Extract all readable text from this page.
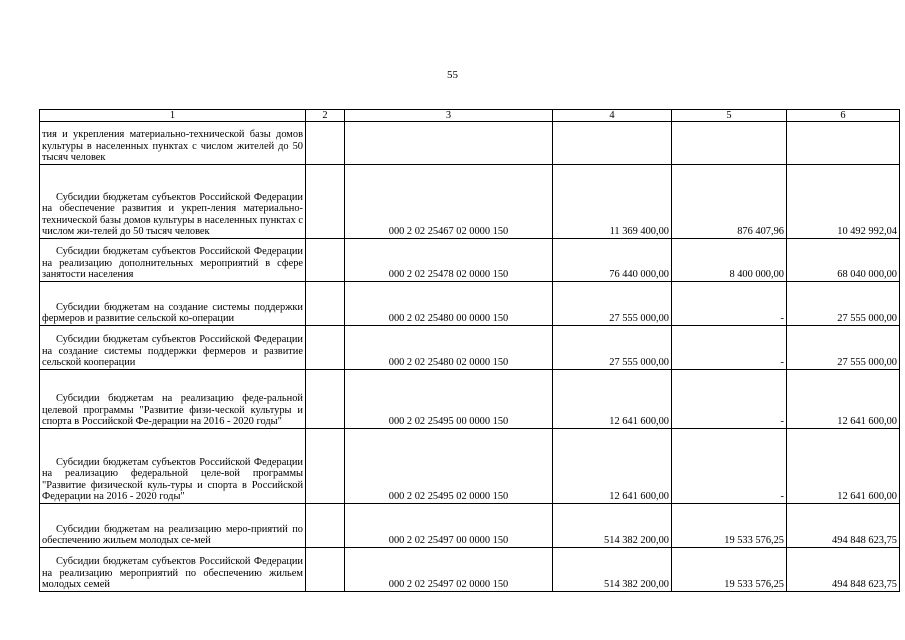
55
1	2	3	4	5	6

тия и укрепления материально-технической базы домов культуры в населенных пунктах с числом жителей до 50 тысяч человек					

Субсидии бюджетам субъектов Российской Федерации на обеспечение развития и укреп-ления материально-технической базы домов культуры в населенных пунктах с числом жи-телей до 50 тысяч человек		000 2 02 25467 02 0000 150	11 369 400,00	876 407,96	10 492 992,04

Субсидии бюджетам субъектов Российской Федерации на реализацию дополнительных мероприятий в сфере занятости населения		000 2 02 25478 02 0000 150	76 440 000,00	8 400 000,00	68 040 000,00

Субсидии бюджетам на создание системы поддержки фермеров и развитие сельской ко-операции		000 2 02 25480 00 0000 150	27 555 000,00	-	27 555 000,00

Субсидии бюджетам субъектов Российской Федерации на создание системы поддержки фермеров и развитие сельской кооперации		000 2 02 25480 02 0000 150	27 555 000,00	-	27 555 000,00

Субсидии бюджетам на реализацию феде-ральной целевой программы "Развитие физи-ческой культуры и спорта в Российской Фе-дерации на 2016 - 2020 годы"		000 2 02 25495 00 0000 150	12 641 600,00	-	12 641 600,00

Субсидии бюджетам субъектов Российской Федерации на реализацию федеральной целе-вой программы "Развитие физической куль-туры и спорта в Российской Федерации на 2016 - 2020 годы"		000 2 02 25495 02 0000 150	12 641 600,00	-	12 641 600,00

Субсидии бюджетам на реализацию меро-приятий по обеспечению жильем молодых се-мей		000 2 02 25497 00 0000 150	514 382 200,00	19 533 576,25	494 848 623,75

Субсидии бюджетам субъектов Российской Федерации на реализацию мероприятий по обеспечению жильем молодых семей		000 2 02 25497 02 0000 150	514 382 200,00	19 533 576,25	494 848 623,75
